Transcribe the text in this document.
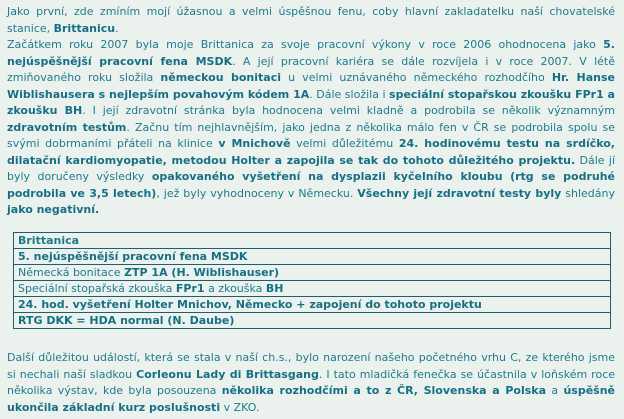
Jako první, zde zmíním mojí úžasnou a velmi úspěšnou fenu, coby hlavní zakladatelku naší chovatelské stanice, Brittanicu.
Začátkem roku 2007 byla moje Brittanica za svoje pracovní výkony v roce 2006 ohodnocena jako 5. nejúspěšnější pracovní fena MSDK. A její pracovní kariéra se dále rozvíjela i v roce 2007. V létě zmiňovaného roku složila německou bonitaci u velmi uznávaného německého rozhodčího Hr. Hanse Wiblishausera s nejlepším povahovým kódem 1A. Dále složila i speciální stopařskou zkoušku FPr1 a zkoušku BH. I její zdravotní stránka byla hodnocena velmi kladně a podrobila se několik významným zdravotním testům. Začnu tím nejhlavnějším, jako jedna z několika málo fen v ČR se podrobila spolu se svými dobrmaními přáteli na klinice v Mnichově velmi důležitému 24. hodinovému testu na srdíčko, dilatační kardiomyopatie, metodou Holter a zapojila se tak do tohoto důležitého projektu. Dále jí byly doručeny výsledky opakovaného vyšetření na dysplazii kyčelního kloubu (rtg se podruhé podrobila ve 3,5 letech), jež byly vyhodnoceny v Německu. Všechny její zdravotní testy byly shledány jako negativní.

Brittanica
5. nejúspěšnější pracovní fena MSDK
Německá bonitace ZTP 1A (H. Wiblishauser)
Speciální stopařská zkouška FPr1 a zkouška BH
24. hod. vyšetření Holter Mnichov, Německo + zapojení do tohoto projektu
RTG DKK = HDA normal (N. Daube)

Další důležitou událostí, která se stala v naší ch.s., bylo narození našeho početného vrhu C, ze kterého jsme si nechali naší sladkou Corleonu Lady di Brittasgang. I tato mladičká fenečka se účastnila v loňském roce několika výstav, kde byla posouzena několika rozhodčími a to z ČR, Slovenska a Polska a úspěšně ukončila základní kurz poslušnosti v ZKO.
